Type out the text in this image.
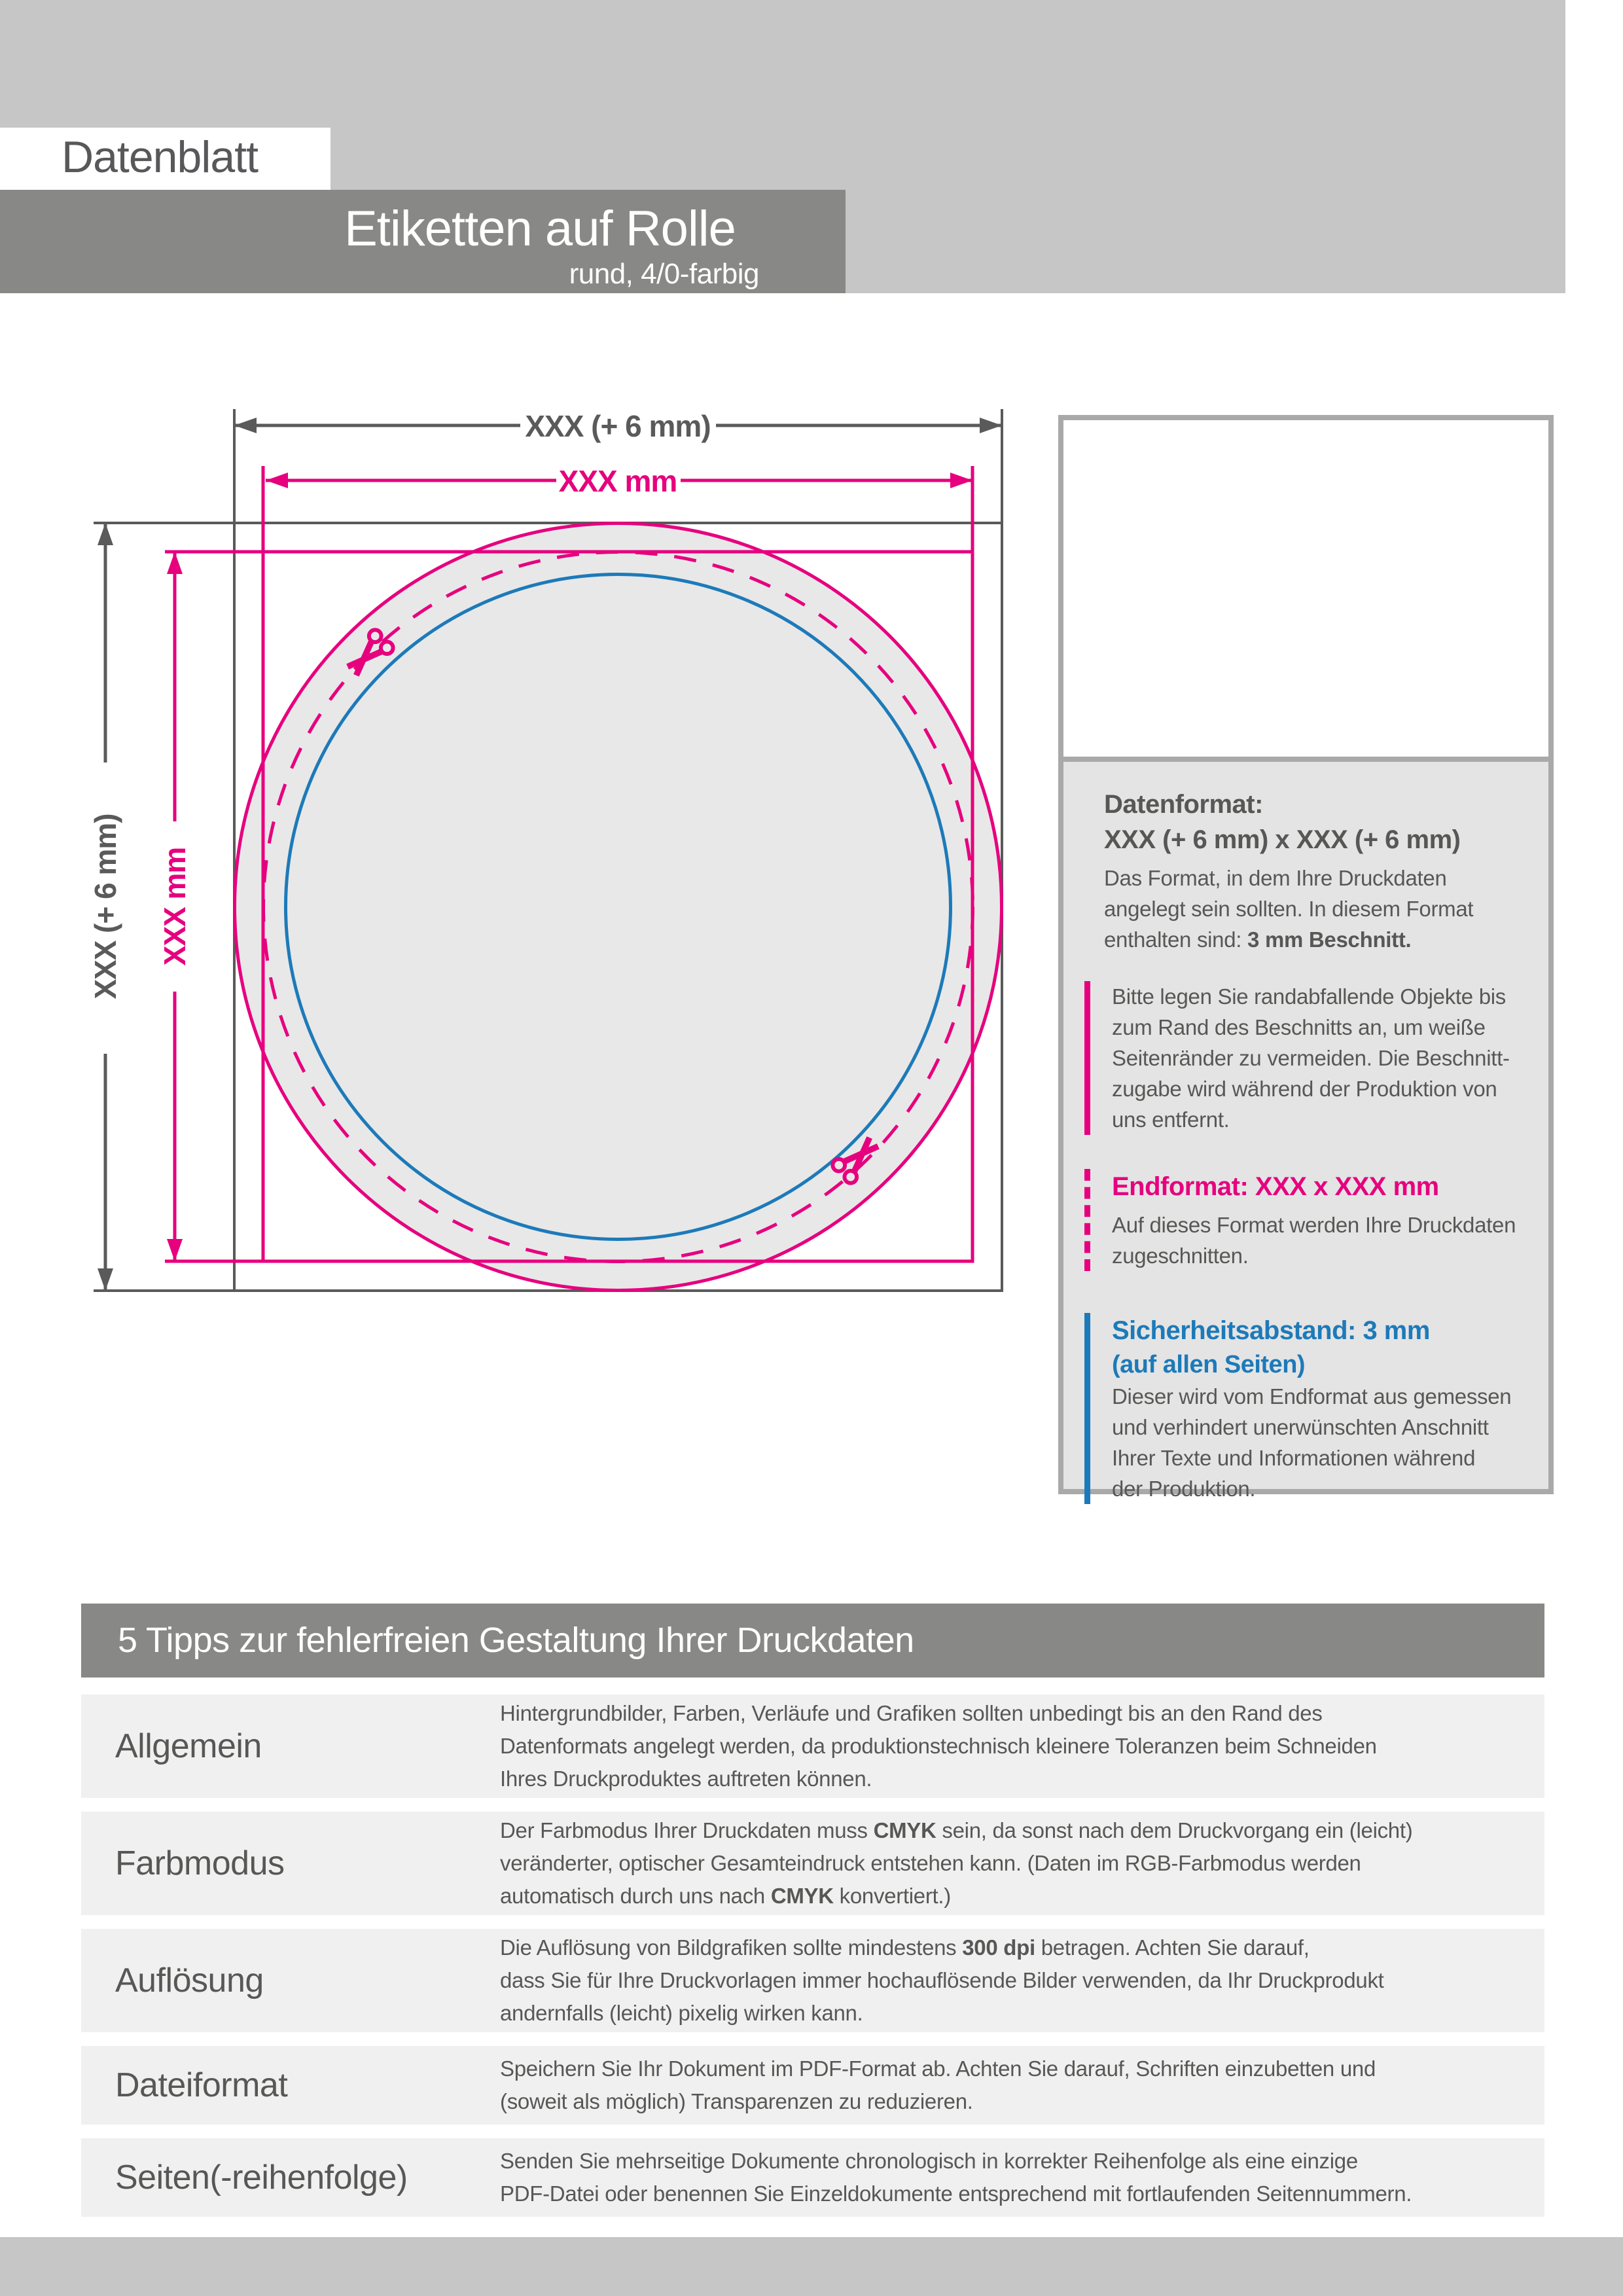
Datenblatt
Etiketten auf Rolle
rund, 4/0-farbig
XXX (+ 6 mm)
XXX mm
XXX (+ 6 mm) XXX mm
Datenformat:
XXX (+ 6 mm) x XXX (+ 6 mm)
Das Format, in dem Ihre Druckdaten
angelegt sein sollten. In diesem Format
enthalten sind: 3 mm Beschnitt.
Bitte legen Sie randabfallende Objekte bis
zum Rand des Beschnitts an, um weiße
Seitenränder zu vermeiden. Die Beschnitt-
zugabe wird während der Produktion von
uns entfernt.
Endformat: XXX x XXX mm
Auf dieses Format werden Ihre Druckdaten
zugeschnitten.
Sicherheitsabstand: 3 mm
(auf allen Seiten)
Dieser wird vom Endformat aus gemessen
und verhindert unerwünschten Anschnitt
Ihrer Texte und Informationen während
der Produktion.
5 Tipps zur fehlerfreien Gestaltung Ihrer Druckdaten
Allgemein
Hintergrundbilder, Farben, Verläufe und Grafiken sollten unbedingt bis an den Rand des
Datenformats angelegt werden, da produktionstechnisch kleinere Toleranzen beim Schneiden
Ihres Druckproduktes auftreten können.
Farbmodus
Der Farbmodus Ihrer Druckdaten muss CMYK sein, da sonst nach dem Druckvorgang ein (leicht)
veränderter, optischer Gesamteindruck entstehen kann. (Daten im RGB-Farbmodus werden
automatisch durch uns nach CMYK konvertiert.)
Auflösung
Die Auflösung von Bildgrafiken sollte mindestens 300 dpi betragen. Achten Sie darauf,
dass Sie für Ihre Druckvorlagen immer hochauflösende Bilder verwenden, da Ihr Druckprodukt
andernfalls (leicht) pixelig wirken kann.
Dateiformat	Speichern Sie Ihr Dokument im PDF-Format ab. Achten Sie darauf, Schriften einzubetten und
(soweit als möglich) Transparenzen zu reduzieren.
Seiten(-reihenfolge)	Senden Sie mehrseitige Dokumente chronologisch in korrekter Reihenfolge als eine einzige
PDF-Datei oder benennen Sie Einzeldokumente entsprechend mit fortlaufenden Seitennummern.
